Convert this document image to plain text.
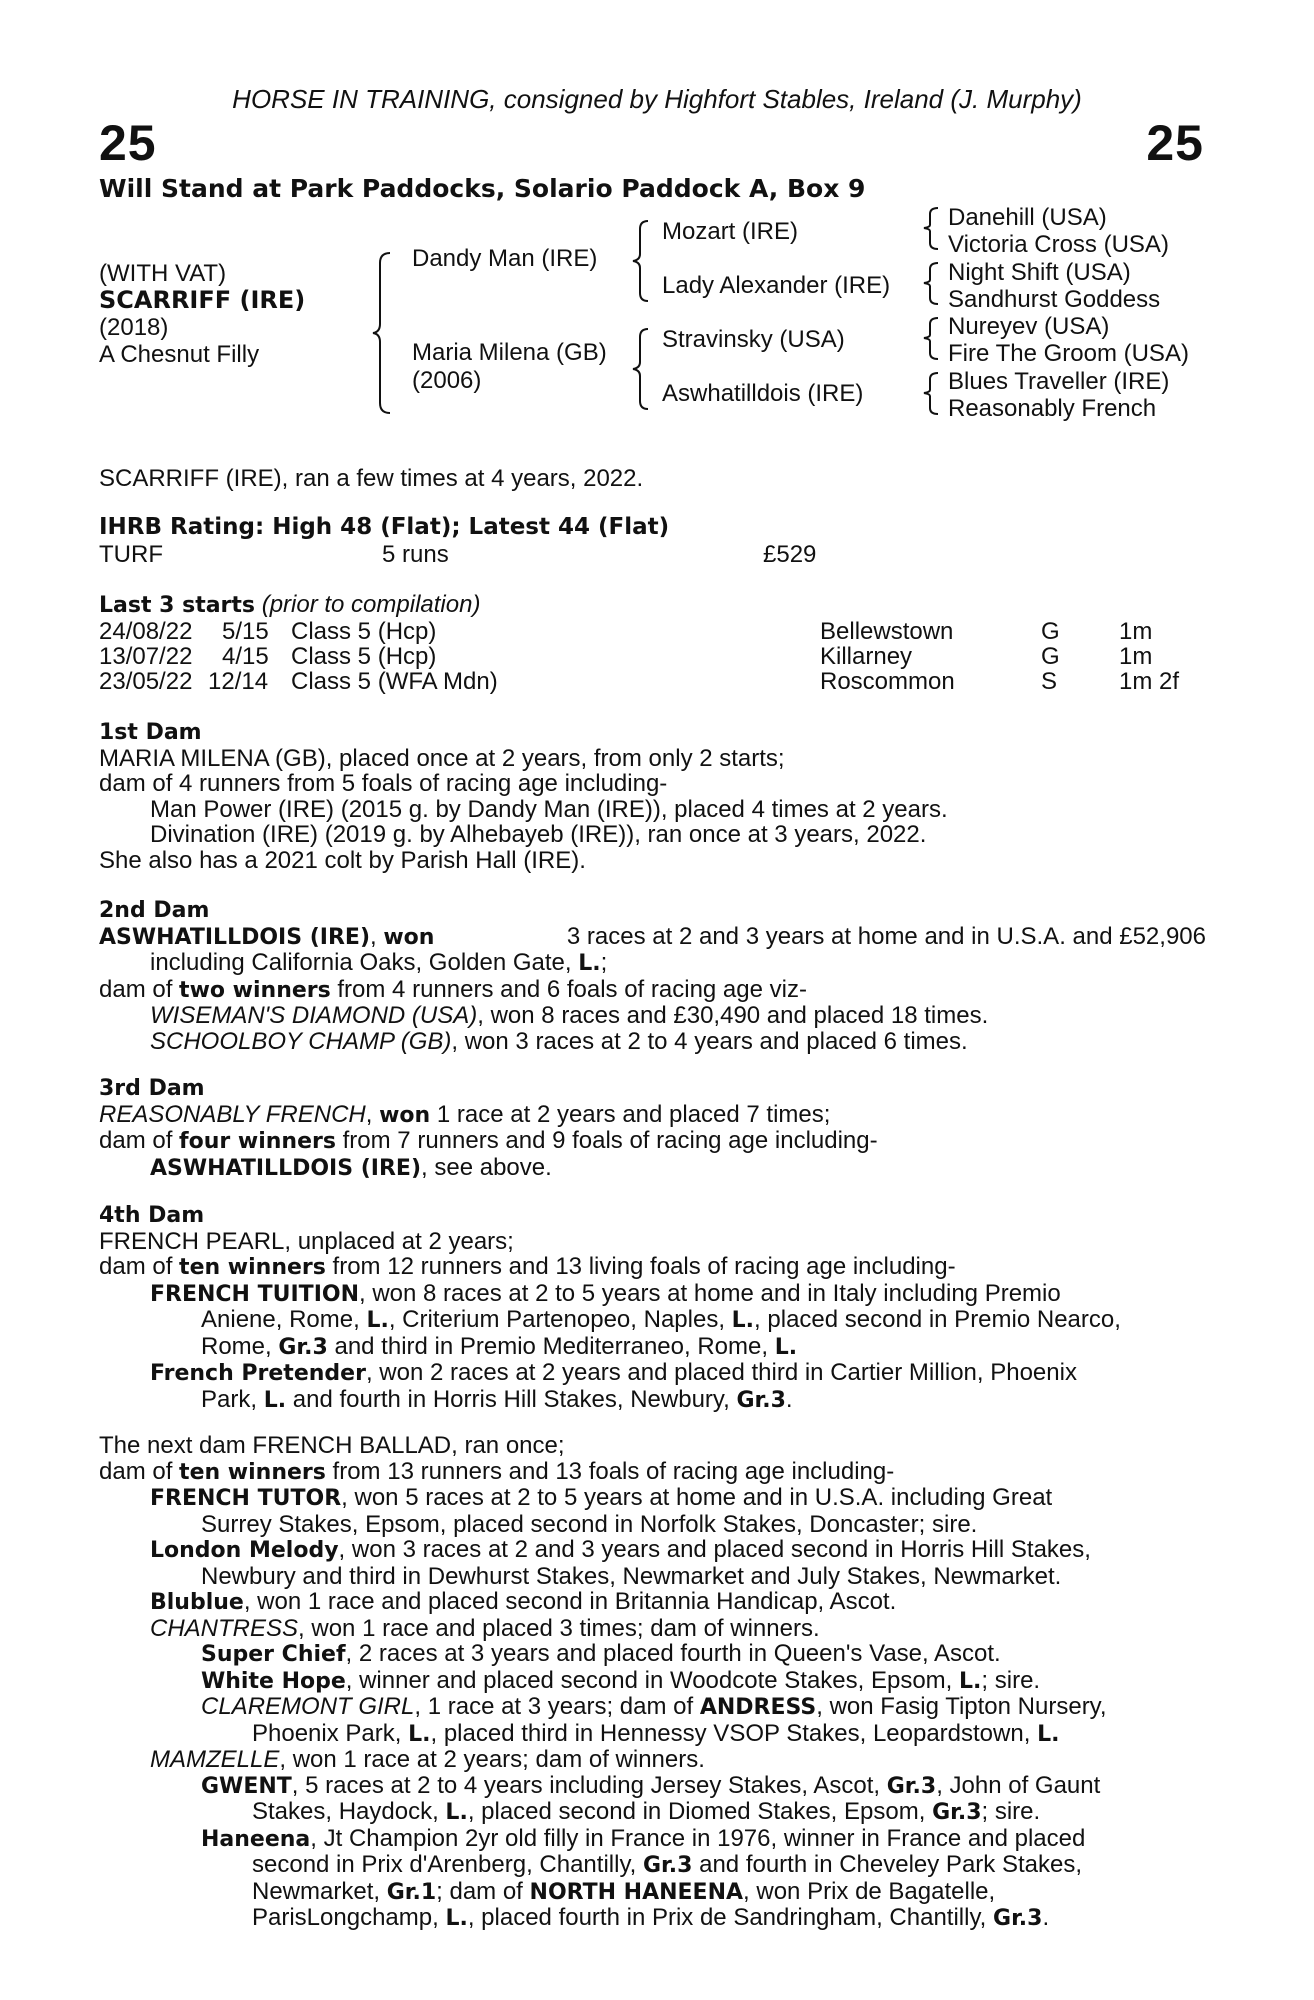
HORSE IN TRAINING, consigned by Highfort Stables, Ireland (J. Murphy)
25	25
Will Stand at Park Paddocks, Solario Paddock A, Box 9
(WITH VAT)
SCARRIFF (IRE)
(2018)
A Chesnut Filly
Dandy Man (IRE)
Maria Milena (GB)
(2006)
Mozart (IRE)
Lady Alexander (IRE)
Stravinsky (USA)
Aswhatilldois (IRE)
Danehill (USA)
Victoria Cross (USA)
Night Shift (USA)
Sandhurst Goddess
Nureyev (USA)
Fire The Groom (USA)
Blues Traveller (IRE)
Reasonably French
SCARRIFF (IRE), ran a few times at 4 years, 2022.
IHRB Rating: High 48 (Flat); Latest 44 (Flat)
TURF	5 runs	£529
Last 3 starts (prior to compilation)
24/08/22 5/15 Class 5 (Hcp)	Bellewstown	G 1m
13/07/22 4/15 Class 5 (Hcp)	Killarney	G 1m
23/05/22 12/14 Class 5 (WFA Mdn)	Roscommon	S	1m 2f
1st Dam
MARIA MILENA (GB), placed once at 2 years, from only 2 starts;
dam of 4 runners from 5 foals of racing age including-
Man Power (IRE) (2015 g. by Dandy Man (IRE)), placed 4 times at 2 years.
Divination (IRE) (2019 g. by Alhebayeb (IRE)), ran once at 3 years, 2022.
She also has a 2021 colt by Parish Hall (IRE).
2nd Dam
ASWHATILLDOIS (IRE), won	3 races at 2 and 3 years at home and in U.S.A. and £52,906
including California Oaks, Golden Gate, L.;
dam of two winners from 4 runners and 6 foals of racing age viz-
WISEMAN'S DIAMOND (USA), won 8 races and £30,490 and placed 18 times.
SCHOOLBOY CHAMP (GB), won 3 races at 2 to 4 years and placed 6 times.
3rd Dam
REASONABLY FRENCH, won 1 race at 2 years and placed 7 times;
dam of four winners from 7 runners and 9 foals of racing age including-
ASWHATILLDOIS (IRE), see above.
4th Dam
FRENCH PEARL, unplaced at 2 years;
dam of ten winners from 12 runners and 13 living foals of racing age including-
FRENCH TUITION, won 8 races at 2 to 5 years at home and in Italy including Premio
Aniene, Rome, L., Criterium Partenopeo, Naples, L., placed second in Premio Nearco,
Rome, Gr.3 and third in Premio Mediterraneo, Rome, L.
French Pretender, won 2 races at 2 years and placed third in Cartier Million, Phoenix
Park, L. and fourth in Horris Hill Stakes, Newbury, Gr.3.
The next dam FRENCH BALLAD, ran once;
dam of ten winners from 13 runners and 13 foals of racing age including-
FRENCH TUTOR, won 5 races at 2 to 5 years at home and in U.S.A. including Great
Surrey Stakes, Epsom, placed second in Norfolk Stakes, Doncaster; sire.
London Melody, won 3 races at 2 and 3 years and placed second in Horris Hill Stakes,
Newbury and third in Dewhurst Stakes, Newmarket and July Stakes, Newmarket.
Blublue, won 1 race and placed second in Britannia Handicap, Ascot.
CHANTRESS, won 1 race and placed 3 times; dam of winners.
Super Chief, 2 races at 3 years and placed fourth in Queen's Vase, Ascot.
White Hope, winner and placed second in Woodcote Stakes, Epsom, L.; sire.
CLAREMONT GIRL, 1 race at 3 years; dam of ANDRESS, won Fasig Tipton Nursery,
Phoenix Park, L., placed third in Hennessy VSOP Stakes, Leopardstown, L.
MAMZELLE, won 1 race at 2 years; dam of winners.
GWENT, 5 races at 2 to 4 years including Jersey Stakes, Ascot, Gr.3, John of Gaunt
Stakes, Haydock, L., placed second in Diomed Stakes, Epsom, Gr.3; sire.
Haneena, Jt Champion 2yr old filly in France in 1976, winner in France and placed
second in Prix d'Arenberg, Chantilly, Gr.3 and fourth in Cheveley Park Stakes,
Newmarket, Gr.1; dam of NORTH HANEENA, won Prix de Bagatelle,
ParisLongchamp, L., placed fourth in Prix de Sandringham, Chantilly, Gr.3.
